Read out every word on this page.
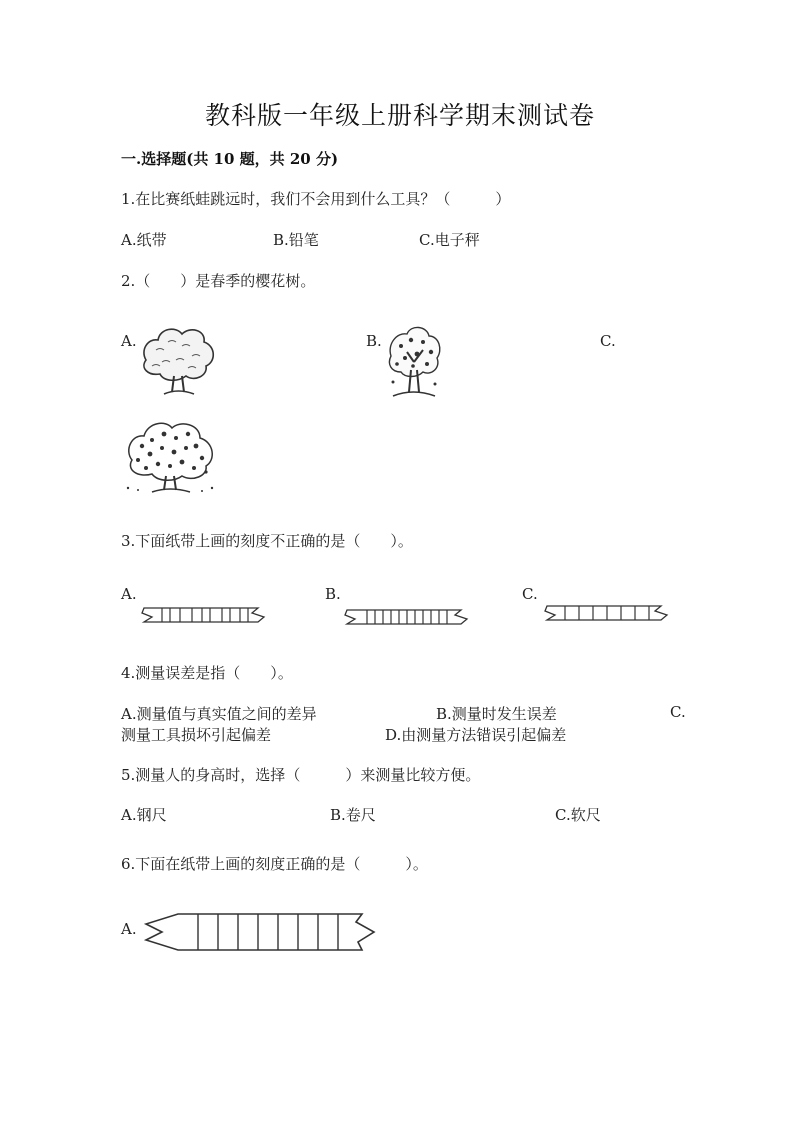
教科版一年级上册科学期末测试卷
一.选择题(共 10 题，共 20 分)
1.在比赛纸蛙跳远时，我们不会用到什么工具？（　　　）
A.纸带	B.铅笔	C.电子秤
2.（　　）是春季的樱花树。
A.	B.	C.
3.下面纸带上画的刻度不正确的是（　　）。
A.	B.	C.
4.测量误差是指（　　）。
A.测量值与真实值之间的差异	B.测量时发生误差	C.
测量工具损坏引起偏差	D.由测量方法错误引起偏差
5.测量人的身高时，选择（　　　）来测量比较方便。
A.钢尺	B.卷尺	C.软尺
6.下面在纸带上画的刻度正确的是（　　　）。
A.
